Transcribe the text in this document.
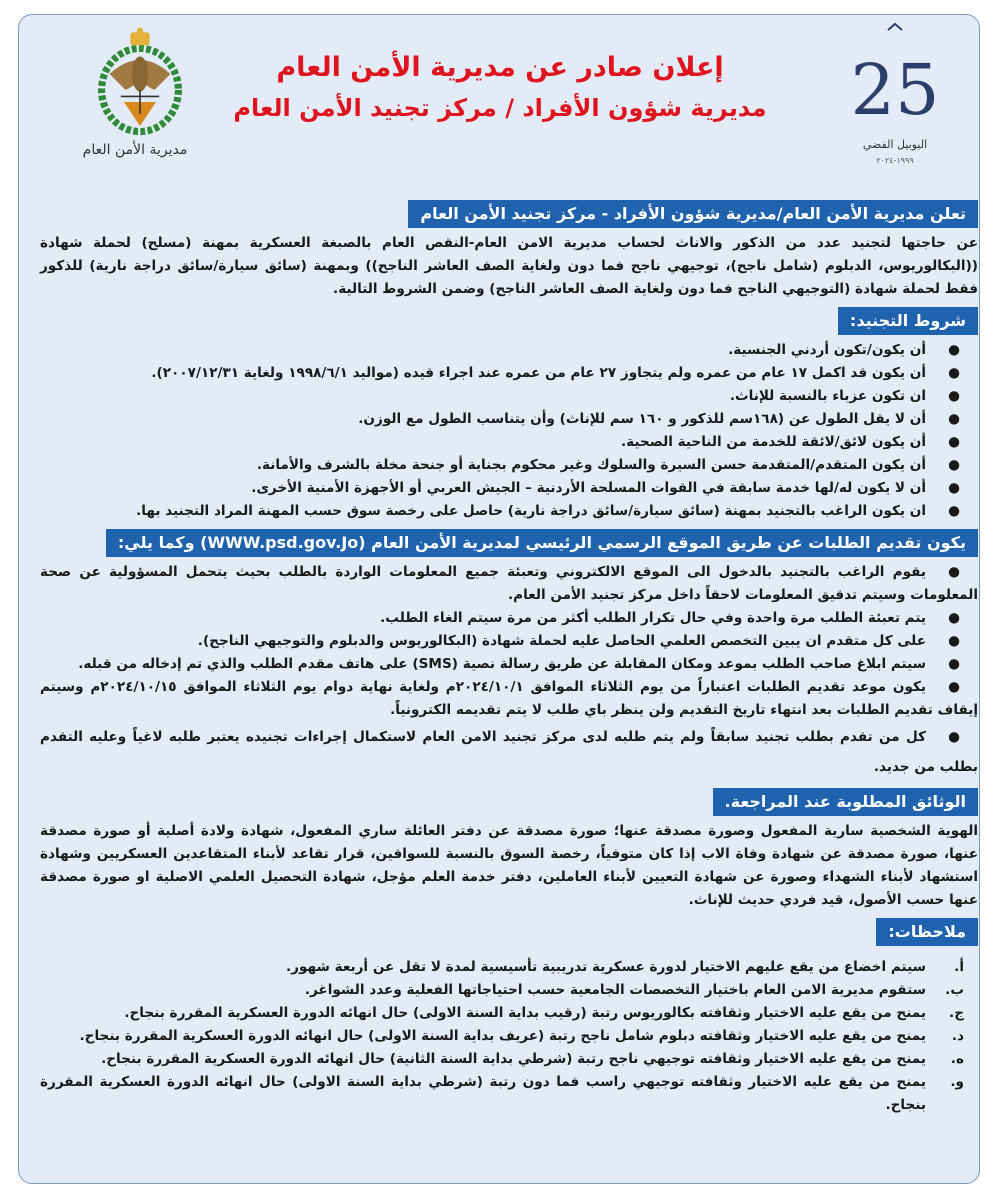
مديرية الأمن العام
25
اليوبيل الفضي
١٩٩٩-٢٠٢٤
إعلان صادر عن مديرية الأمن العام
مديرية شؤون الأفراد / مركز تجنيد الأمن العام
تعلن مديرية الأمن العام/مديرية شؤون الأفراد - مركز تجنيد الأمن العام
عن حاجتها لتجنيد عدد من الذكور والاناث لحساب مديرية الامن العام-النقص العام بالصبغة العسكرية بمهنة (مسلح) لحملة شهادة ((البكالوريوس، الدبلوم (شامل ناجح)، توجيهي ناجح فما دون ولغاية الصف العاشر الناجح)) وبمهنة (سائق سيارة/سائق دراجة نارية) للذكور فقط لحملة شهادة (التوجيهي الناجح فما دون ولغاية الصف العاشر الناجح) وضمن الشروط التالية.
شروط التجنيد:
●
أن يكون/تكون أردني الجنسية.
●
أن يكون قد اكمل ١٧ عام من عمره ولم يتجاوز ٢٧ عام من عمره عند اجراء قيده (مواليد ١٩٩٨/٦/١ ولغاية ٢٠٠٧/١٢/٣١).
●
ان تكون عزباء بالنسبة للإناث.
●
أن لا يقل الطول عن (١٦٨سم للذكور و ١٦٠ سم للإناث) وأن يتناسب الطول مع الوزن.
●
أن يكون لائق/لائقة للخدمة من الناحية الصحية.
●
أن يكون المتقدم/المتقدمة حسن السيرة والسلوك وغير محكوم بجناية أو جنحة مخلة بالشرف والأمانة.
●
أن لا يكون له/لها خدمة سابقة في القوات المسلحة الأردنية – الجيش العربي أو الأجهزة الأمنية الأخرى.
●
ان يكون الراغب بالتجنيد بمهنة (سائق سيارة/سائق دراجة نارية) حاصل على رخصة سوق حسب المهنة المراد التجنيد بها.
يكون تقديم الطلبات عن طريق الموقع الرسمي الرئيسي لمديرية الأمن العام (WWW.psd.gov.Jo) وكما يلي:
●
يقوم الراغب بالتجنيد بالدخول الى الموقع الالكتروني وتعبئة جميع المعلومات الواردة بالطلب بحيث يتحمل المسؤولية عن صحة المعلومات وسيتم تدقيق المعلومات لاحقاً داخل مركز تجنيد الأمن العام.
●
يتم تعبئة الطلب مرة واحدة وفي حال تكرار الطلب أكثر من مرة سيتم الغاء الطلب.
●
على كل متقدم ان يبين التخصص العلمي الحاصل عليه لحملة شهادة (البكالوريوس والدبلوم والتوجيهي الناجح).
●
سيتم ابلاغ صاحب الطلب بموعد ومكان المقابلة عن طريق رسالة نصية (SMS) على هاتف مقدم الطلب والذي تم إدخاله من قبله.
●
يكون موعد تقديم الطلبات اعتباراً من يوم الثلاثاء الموافق ٢٠٢٤/١٠/١م ولغاية نهاية دوام يوم الثلاثاء الموافق ٢٠٢٤/١٠/١٥م وسيتم إيقاف تقديم الطلبات بعد انتهاء تاريخ التقديم ولن ينظر باي طلب لا يتم تقديمه الكترونياً.
●
كل من تقدم بطلب تجنيد سابقاً ولم يتم طلبه لدى مركز تجنيد الامن العام لاستكمال إجراءات تجنيده يعتبر طلبه لاغياً وعليه التقدم بطلب من جديد.
الوثائق المطلوبة عند المراجعة.
الهوية الشخصية سارية المفعول وصورة مصدقة عنها؛ صورة مصدقة عن دفتر العائلة ساري المفعول، شهادة ولادة أصلية أو صورة مصدقة عنها، صورة مصدقة عن شهادة وفاة الاب إذا كان متوفياً، رخصة السوق بالنسبة للسواقين، قرار تقاعد لأبناء المتقاعدين العسكريين وشهادة استشهاد لأبناء الشهداء وصورة عن شهادة التعيين لأبناء العاملين، دفتر خدمة العلم مؤجل، شهادة التحصيل العلمي الاصلية او صورة مصدقة عنها حسب الأصول، قيد فردي حديث للإناث.
ملاحظات:
أ.
سيتم اخضاع من يقع عليهم الاختيار لدورة عسكرية تدريبية تأسيسية لمدة لا تقل عن أربعة شهور.
ب.
ستقوم مديرية الامن العام باختيار التخصصات الجامعية حسب احتياجاتها الفعلية وعدد الشواغر.
ج.
يمنح من يقع عليه الاختيار وثقافته بكالوريوس رتبة (رقيب بداية السنة الاولى) حال انهائه الدورة العسكرية المقررة بنجاح.
د.
يمنح من يقع عليه الاختيار وثقافته دبلوم شامل ناجح رتبة (عريف بداية السنة الاولى) حال انهائه الدورة العسكرية المقررة بنجاح.
ه.
يمنح من يقع عليه الاختيار وثقافته توجيهي ناجح رتبة (شرطي بداية السنة الثانية) حال انهائه الدورة العسكرية المقررة بنجاح.
و.
يمنح من يقع عليه الاختيار وثقافته توجيهي راسب فما دون رتبة (شرطي بداية السنة الاولى) حال انهائه الدورة العسكرية المقررة بنجاح.
